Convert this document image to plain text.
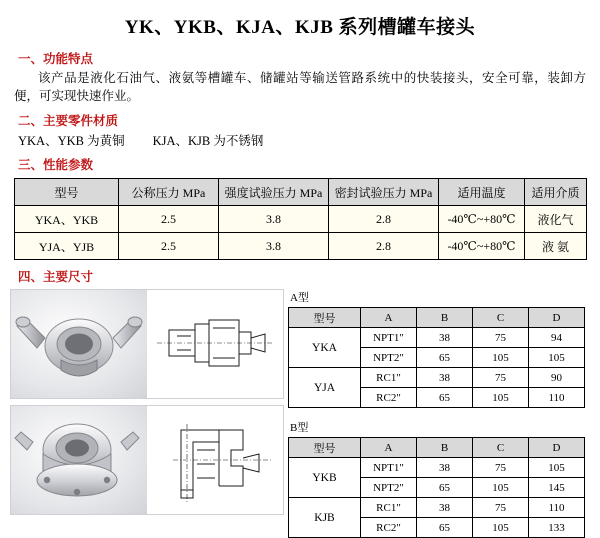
YK、YKB、KJA、KJB 系列槽罐车接头
一、功能特点
该产品是液化石油气、液氨等槽罐车、储罐站等输送管路系统中的快装接头，安全可靠，装卸方便，可实现快速作业。
二、主要零件材质
YKA、YKB 为黄铜 KJA、KJB 为不锈钢
三、性能参数
型号	公称压力 MPa	强度试验压力 MPa	密封试验压力 MPa	适用温度	适用介质
YKA、YKB	2.5	3.8	2.8	-40℃~+80℃	液化气
YJA、YJB	2.5	3.8	2.8	-40℃~+80℃	液 氨
四、主要尺寸
A型
型号	A	B	C	D
YKA	NPT1"	38	75	94
	NPT2"	65	105	105
YJA	RC1"	38	75	90
	RC2"	65	105	110
B型
型号	A	B	C	D
YKB	NPT1"	38	75	105
	NPT2"	65	105	145
KJB	RC1"	38	75	110
	RC2"	65	105	133
